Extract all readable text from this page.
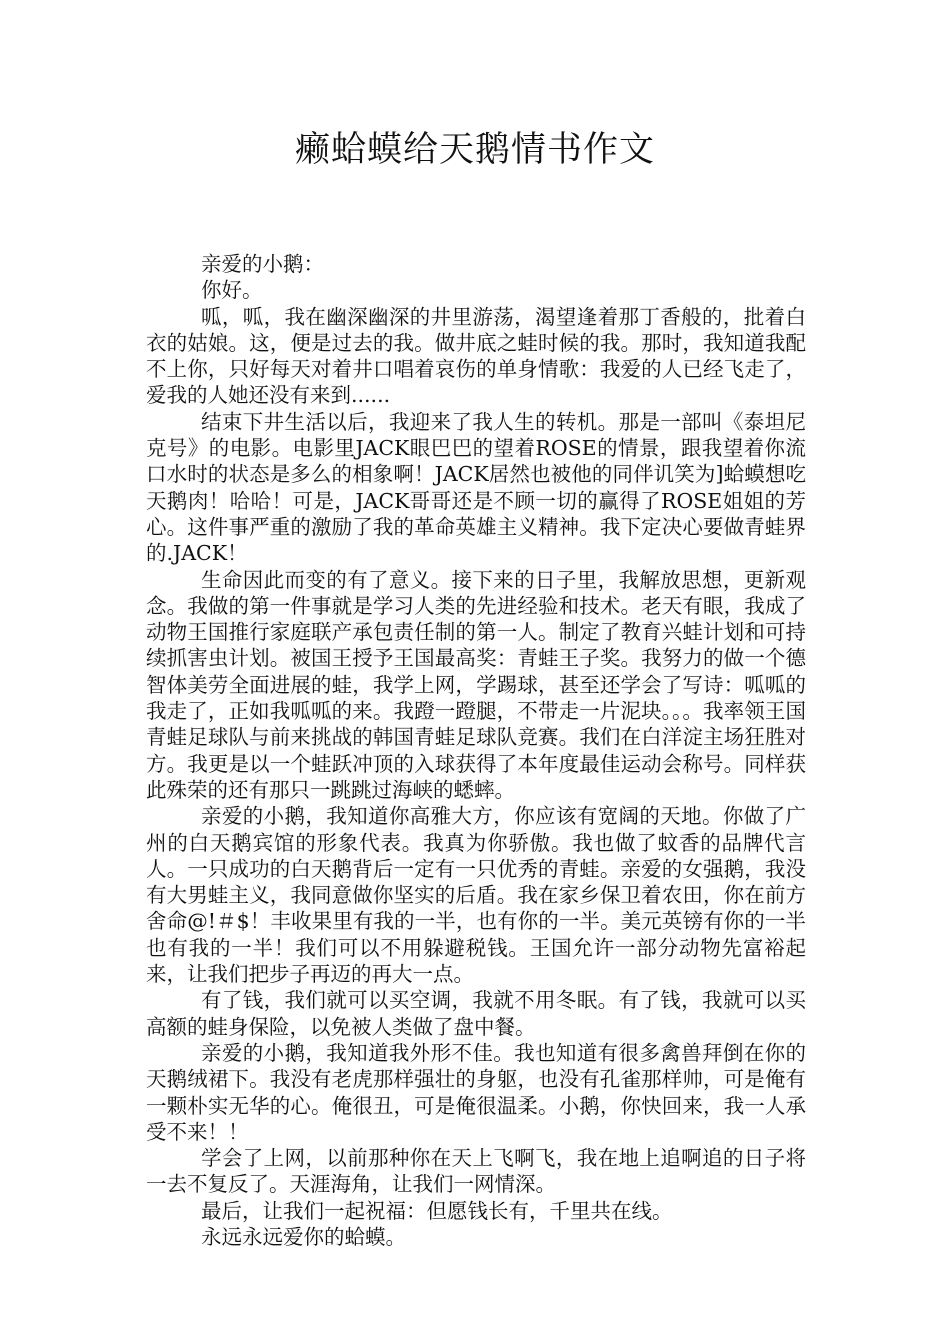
癞蛤蟆给天鹅情书作文

亲爱的小鹅：

你好。

呱，呱，我在幽深幽深的井里游荡，渴望逢着那丁香般的，批着白衣的姑娘。这，便是过去的我。做井底之蛙时候的我。那时，我知道我配不上你，只好每天对着井口唱着哀伤的单身情歌：我爱的人已经飞走了，爱我的人她还没有来到......

结束下井生活以后，我迎来了我人生的转机。那是一部叫《泰坦尼克号》的电影。电影里JACK眼巴巴的望着ROSE的情景，跟我望着你流口水时的状态是多么的相象啊！JACK居然也被他的同伴讥笑为]蛤蟆想吃天鹅肉！哈哈！可是，JACK哥哥还是不顾一切的赢得了ROSE姐姐的芳心。这件事严重的激励了我的革命英雄主义精神。我下定决心要做青蛙界的.JACK！

生命因此而变的有了意义。接下来的日子里，我解放思想，更新观念。我做的第一件事就是学习人类的先进经验和技术。老天有眼，我成了动物王国推行家庭联产承包责任制的第一人。制定了教育兴蛙计划和可持续抓害虫计划。被国王授予王国最高奖：青蛙王子奖。我努力的做一个德智体美劳全面进展的蛙，我学上网，学踢球，甚至还学会了写诗：呱呱的我走了，正如我呱呱的来。我蹬一蹬腿，不带走一片泥块。。。我率领王国青蛙足球队与前来挑战的韩国青蛙足球队竞赛。我们在白洋淀主场狂胜对方。我更是以一个蛙跃冲顶的入球获得了本年度最佳运动会称号。同样获此殊荣的还有那只一跳跳过海峡的蟋蟀。

亲爱的小鹅，我知道你高雅大方，你应该有宽阔的天地。你做了广州的白天鹅宾馆的形象代表。我真为你骄傲。我也做了蚊香的品牌代言人。一只成功的白天鹅背后一定有一只优秀的青蛙。亲爱的女强鹅，我没有大男蛙主义，我同意做你坚实的后盾。我在家乡保卫着农田，你在前方舍命@!＃$！丰收果里有我的一半，也有你的一半。美元英镑有你的一半也有我的一半！我们可以不用躲避税钱。王国允许一部分动物先富裕起来，让我们把步子再迈的再大一点。

有了钱，我们就可以买空调，我就不用冬眠。有了钱，我就可以买高额的蛙身保险，以免被人类做了盘中餐。

亲爱的小鹅，我知道我外形不佳。我也知道有很多禽兽拜倒在你的天鹅绒裙下。我没有老虎那样强壮的身躯，也没有孔雀那样帅，可是俺有一颗朴实无华的心。俺很丑，可是俺很温柔。小鹅，你快回来，我一人承受不来！！

学会了上网，以前那种你在天上飞啊飞，我在地上追啊追的日子将一去不复反了。天涯海角，让我们一网情深。

最后，让我们一起祝福：但愿钱长有，千里共在线。

永远永远爱你的蛤蟆。
